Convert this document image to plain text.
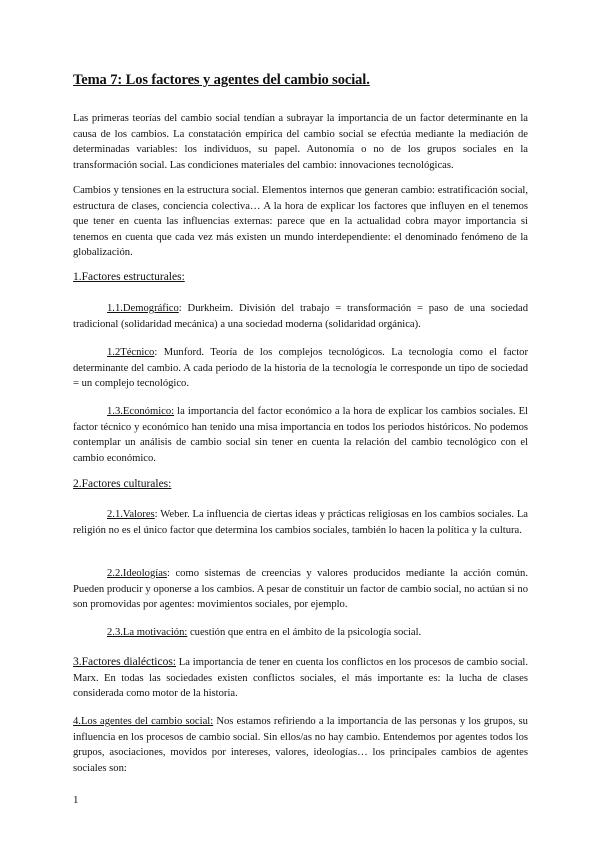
Tema 7: Los factores y agentes del cambio social.

Las primeras teorías del cambio social tendían a subrayar la importancia de un factor determinante en la causa de los cambios. La constatación empírica del cambio social se efectúa mediante la mediación de determinadas variables: los individuos, su papel. Autonomía o no de los grupos sociales en la transformación social. Las condiciones materiales del cambio: innovaciones tecnológicas.

Cambios y tensiones en la estructura social. Elementos internos que generan cambio: estratificación social, estructura de clases, conciencia colectiva… A la hora de explicar los factores que influyen en el tenemos que tener en cuenta las influencias externas: parece que en la actualidad cobra mayor importancia si tenemos en cuenta que cada vez más existen un mundo interdependiente: el denominado fenómeno de la globalización.

1.Factores estructurales:

1.1.Demográfico: Durkheim. División del trabajo = transformación = paso de una sociedad tradicional (solidaridad mecánica) a una sociedad moderna (solidaridad orgánica).

1.2Técnico: Munford. Teoría de los complejos tecnológicos. La tecnología como el factor determinante del cambio. A cada periodo de la historia de la tecnología le corresponde un tipo de sociedad = un complejo tecnológico.

1.3.Económico: la importancia del factor económico a la hora de explicar los cambios sociales. El factor técnico y económico han tenido una misa importancia en todos los periodos históricos. No podemos contemplar un análisis de cambio social sin tener en cuenta la relación del cambio tecnológico con el cambio económico.

2.Factores culturales:

2.1.Valores: Weber. La influencia de ciertas ideas y prácticas religiosas en los cambios sociales. La religión no es el único factor que determina los cambios sociales, también lo hacen la política y la cultura.

2.2.Ideologías: como sistemas de creencias y valores producidos mediante la acción común. Pueden producir y oponerse a los cambios. A pesar de constituir un factor de cambio social, no actúan si no son promovidas por agentes: movimientos sociales, por ejemplo.

2.3.La motivación: cuestión que entra en el ámbito de la psicología social.

3.Factores dialécticos: La importancia de tener en cuenta los conflictos en los procesos de cambio social. Marx. En todas las sociedades existen conflictos sociales, el más importante es: la lucha de clases considerada como motor de la historia.

4.Los agentes del cambio social: Nos estamos refiriendo a la importancia de las personas y los grupos, su influencia en los procesos de cambio social. Sin ellos/as no hay cambio. Entendemos por agentes todos los grupos, asociaciones, movidos por intereses, valores, ideologías… los principales cambios de agentes sociales son:

1
